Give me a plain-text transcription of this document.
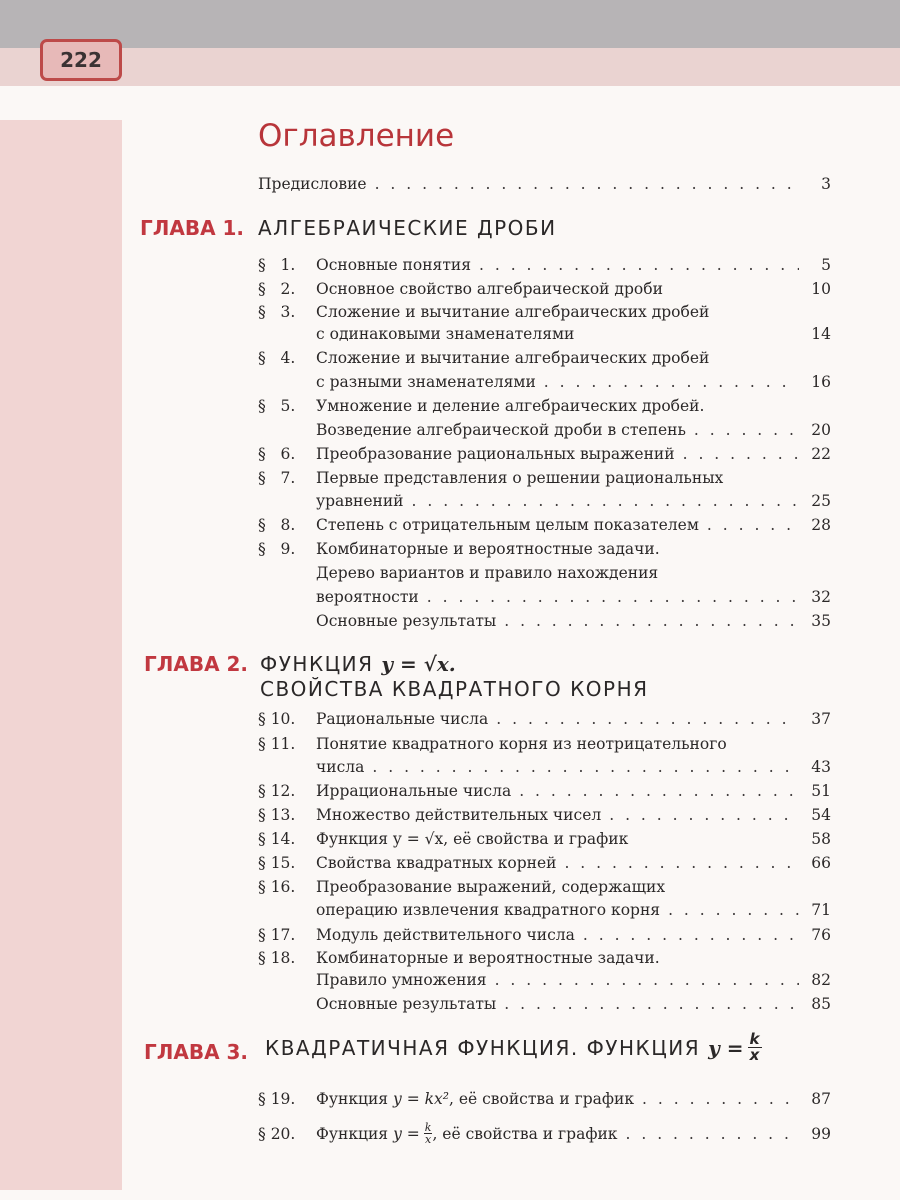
222
Оглавление
Предисловие . . .	3
ГЛАВА 1. АЛГЕБРАИЧЕСКИЕ ДРОБИ
§ 1.	Основные понятия . . .	5
§ 2.	Основное свойство алгебраической дроби	10
§ 3.	Сложение и вычитание алгебраических дробей
с одинаковыми знаменателями	14
§ 4.	Сложение и вычитание алгебраических дробей
с разными знаменателями . . .	16
§ 5.	Умножение и деление алгебраических дробей.
Возведение алгебраической дроби в степень . . .	20
§ 6.	Преобразование рациональных выражений . . .	22
§ 7.	Первые представления о решении рациональных
уравнений . . .	25
§ 8.	Степень с отрицательным целым показателем . . .	28
§ 9.	Комбинаторные и вероятностные задачи.
Дерево вариантов и правило нахождения
вероятности . . .	32
Основные результаты . . .	35
ГЛАВА 2. ФУНКЦИЯ y = √x.
СВОЙСТВА КВАДРАТНОГО КОРНЯ
§ 10.	Рациональные числа . . .	37
§ 11.	Понятие квадратного корня из неотрицательного
числа . . .	43
§ 12.	Иррациональные числа . . .	51
§ 13.	Множество действительных чисел . . .	54
§ 14.	Функция y = √x, её свойства и график	58
§ 15.	Свойства квадратных корней . . .	66
§ 16.	Преобразование выражений, содержащих
операцию извлечения квадратного корня . . .	71
§ 17.	Модуль действительного числа . . .	76
§ 18.	Комбинаторные и вероятностные задачи.
Правило умножения . . .	82
Основные результаты . . .	85
ГЛАВА 3. КВАДРАТИЧНАЯ ФУНКЦИЯ. ФУНКЦИЯ $y = \frac{k}{x}$
§ 19.	Функция y = kx², её свойства и график . . .	87
§ 20.	Функция $y = \frac{k}{x}$ , её свойства и график . . .	99
